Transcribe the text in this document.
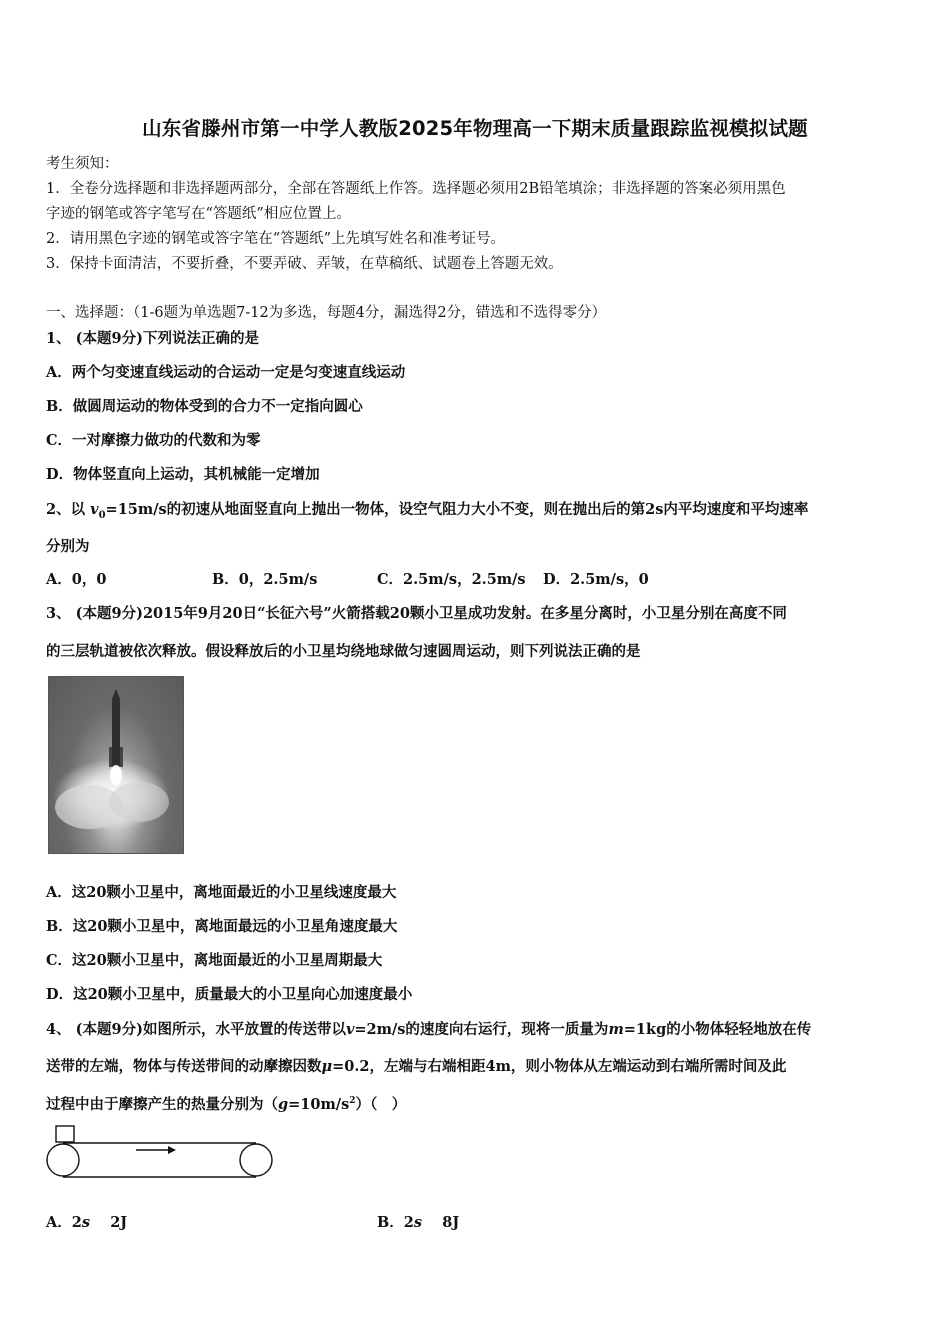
山东省滕州市第一中学人教版2025年物理高一下期末质量跟踪监视模拟试题
考生须知：
1．全卷分选择题和非选择题两部分，全部在答题纸上作答。选择题必须用2B铅笔填涂；非选择题的答案必须用黑色
字迹的钢笔或答字笔写在“答题纸”相应位置上。
2．请用黑色字迹的钢笔或答字笔在“答题纸”上先填写姓名和准考证号。
3．保持卡面清洁，不要折叠，不要弄破、弄皱，在草稿纸、试题卷上答题无效。
一、选择题：（1-6题为单选题7-12为多选，每题4分，漏选得2分，错选和不选得零分）
1、 (本题9分)下列说法正确的是
A．两个匀变速直线运动的合运动一定是匀变速直线运动
B．做圆周运动的物体受到的合力不一定指向圆心
C．一对摩擦力做功的代数和为零
D．物体竖直向上运动，其机械能一定增加
2、以 $v_0=15m/s$的初速从地面竖直向上抛出一物体，设空气阻力大小不变，则在抛出后的第2s内平均速度和平均速率
分别为
A．0，0	B．0，2.5m/s	C．2.5m/s，2.5m/s D．2.5m/s，0
3、 (本题9分)2015年9月20日“长征六号”火箭搭载20颗小卫星成功发射。在多星分离时，小卫星分别在高度不同
的三层轨道被依次释放。假设释放后的小卫星均绕地球做匀速圆周运动，则下列说法正确的是
A．这20颗小卫星中，离地面最近的小卫星线速度最大
B．这20颗小卫星中，离地面最远的小卫星角速度最大
C．这20颗小卫星中，离地面最近的小卫星周期最大
D．这20颗小卫星中，质量最大的小卫星向心加速度最小
4、 (本题9分)如图所示，水平放置的传送带以v=2m/s的速度向右运行，现将一质量为m=1kg的小物体轻轻地放在传
送带的左端，物体与传送带间的动摩擦因数μ=0.2，左端与右端相距4m，则小物体从左端运动到右端所需时间及此
过程中由于摩擦产生的热量分别为$(g=10m/s^2)$（　）
A．2s 2J	B．2s 8J
